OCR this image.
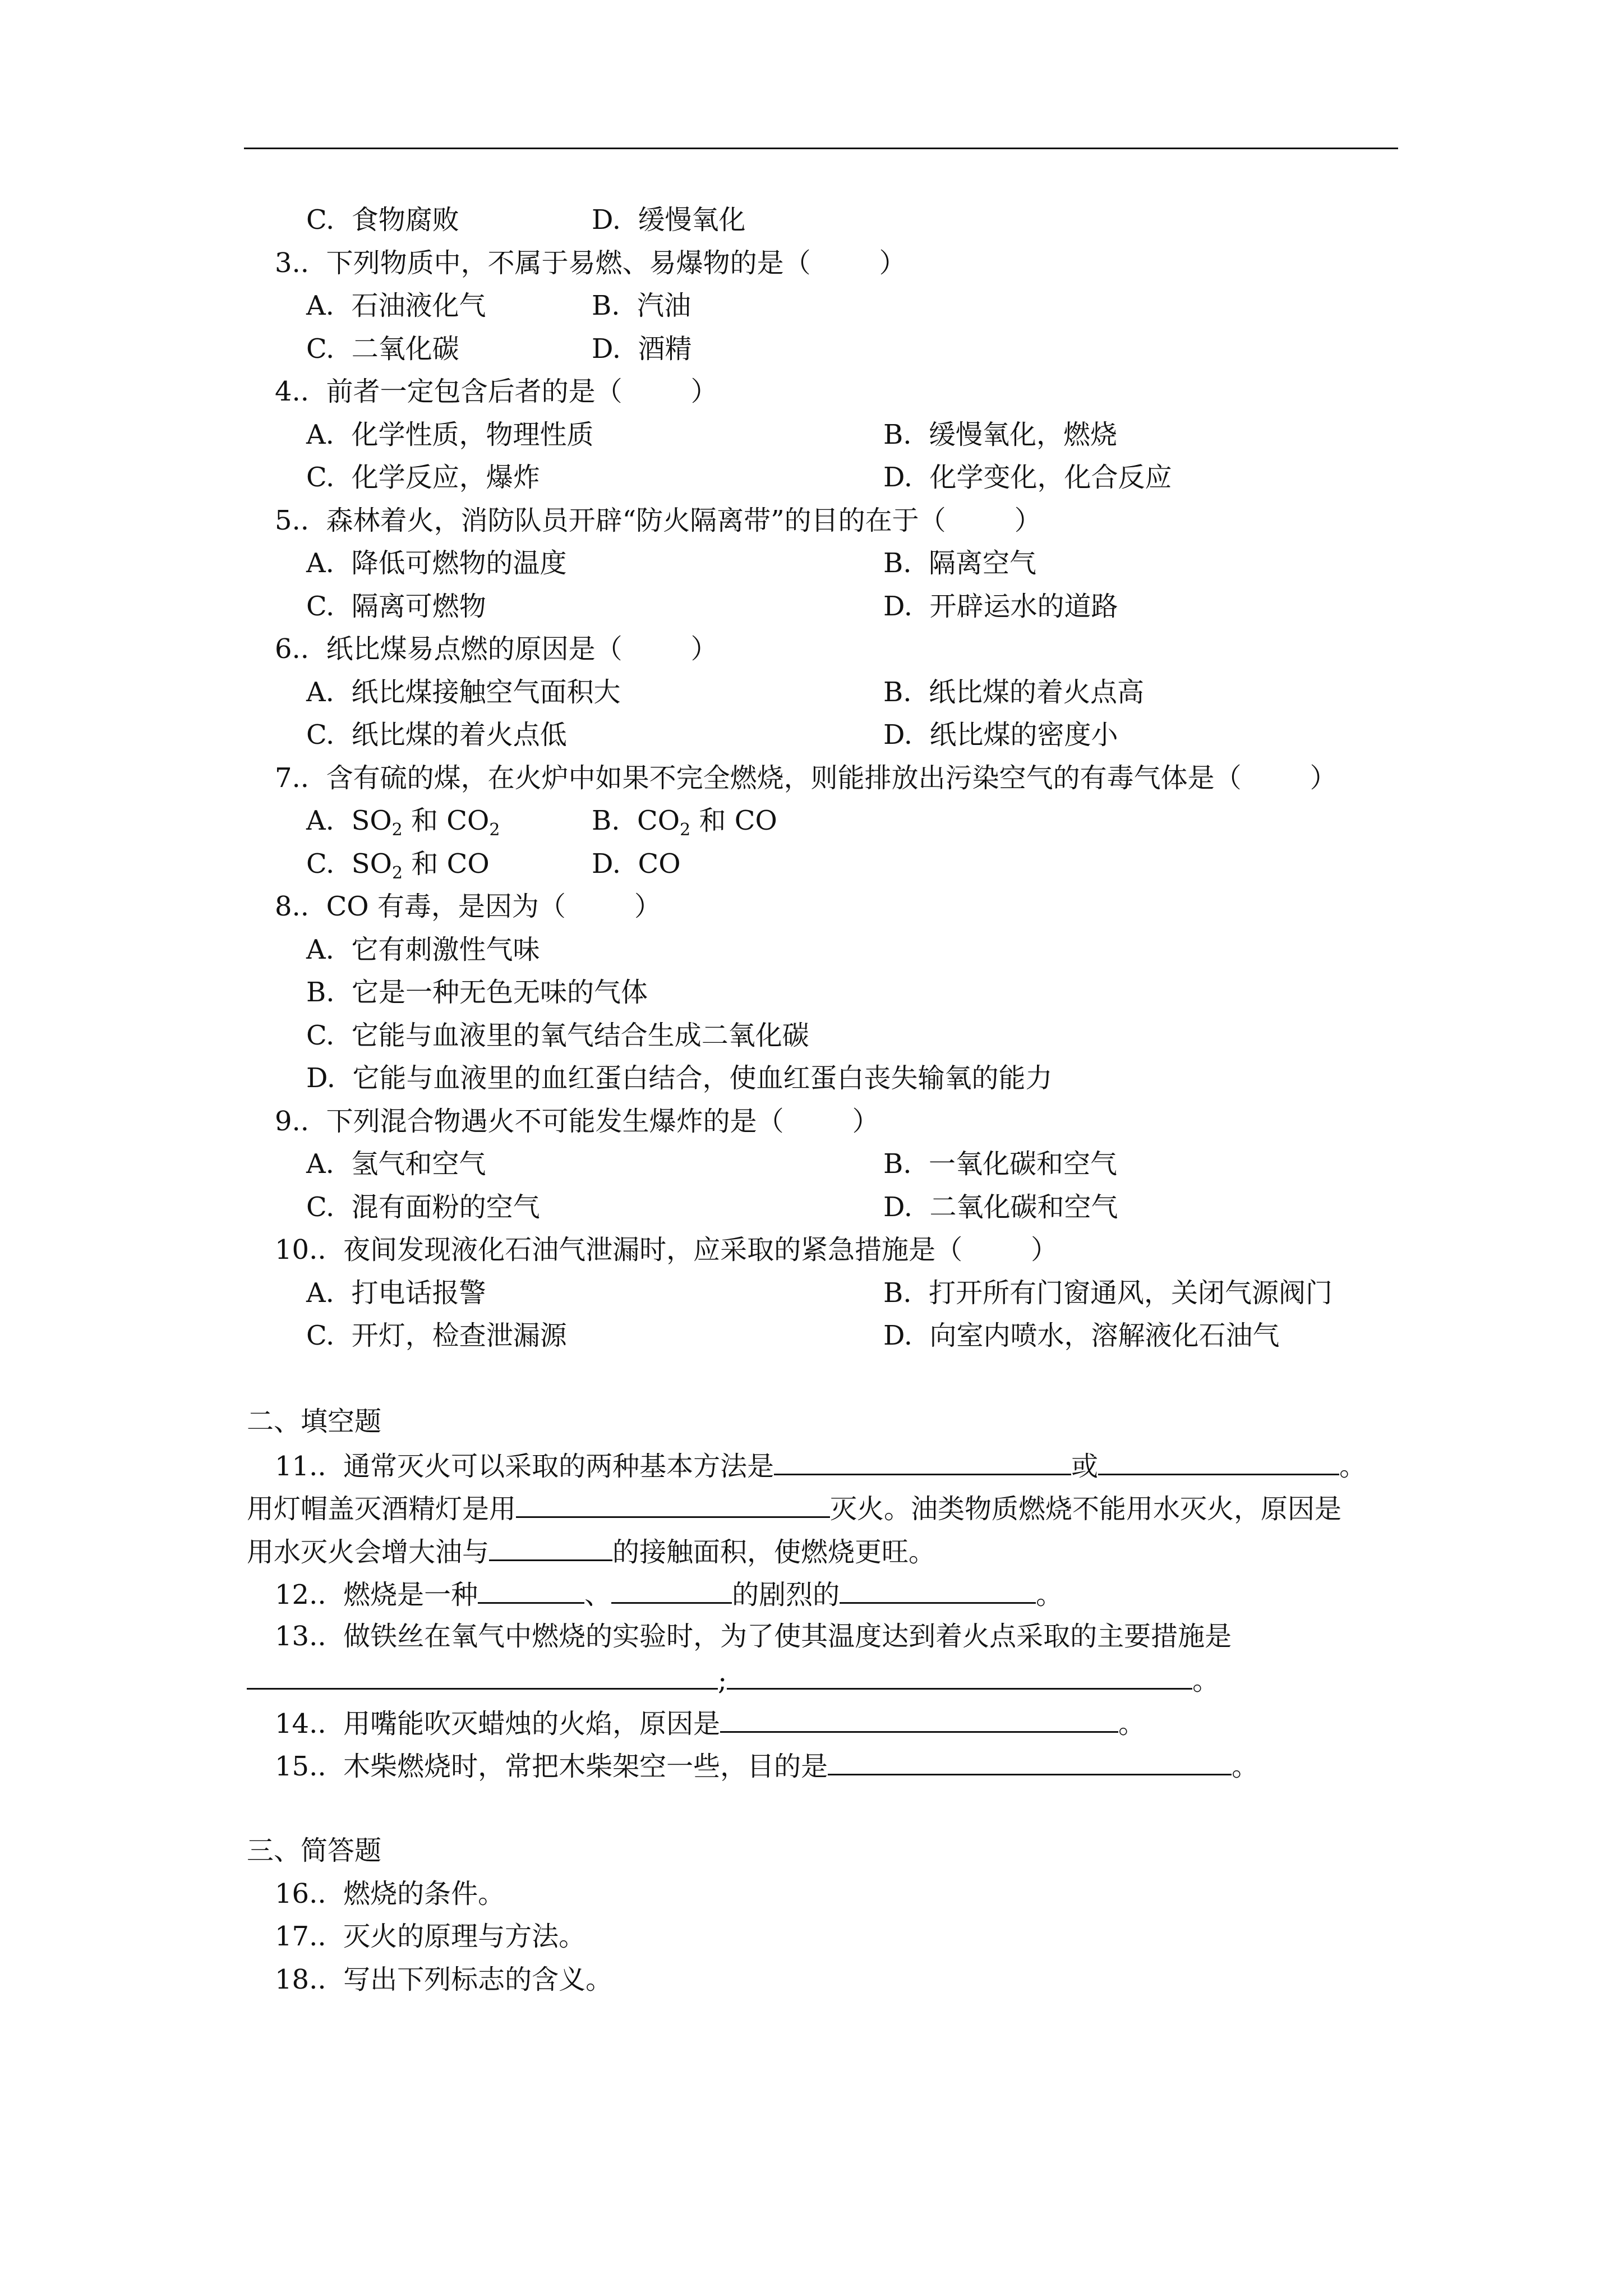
C.  食物腐败	D.  缓慢氧化
3..  下列物质中，不属于易燃、易爆物的是（        ）
A.  石油液化气	B.  汽油
C.  二氧化碳	D.  酒精
4..  前者一定包含后者的是（        ）
A.  化学性质，物理性质	B.  缓慢氧化，燃烧
C.  化学反应，爆炸	D.  化学变化，化合反应
5..  森林着火，消防队员开辟“防火隔离带”的目的在于（        ）
A.  降低可燃物的温度	B.  隔离空气
C.  隔离可燃物	D.  开辟运水的道路
6..  纸比煤易点燃的原因是（        ）
A.  纸比煤接触空气面积大	B.  纸比煤的着火点高
C.  纸比煤的着火点低	D.  纸比煤的密度小
7..  含有硫的煤，在火炉中如果不完全燃烧，则能排放出污染空气的有毒气体是（        ）
A.  $SO_2$ 和 $CO_2$	B.  $CO_2$ 和 CO
C.  $SO_2$ 和 CO	D.  CO
8..  CO 有毒，是因为（        ）
A.  它有刺激性气味
B.  它是一种无色无味的气体
C.  它能与血液里的氧气结合生成二氧化碳
D.  它能与血液里的血红蛋白结合，使血红蛋白丧失输氧的能力
9..  下列混合物遇火不可能发生爆炸的是（        ）
A.  氢气和空气	B.  一氧化碳和空气
C.  混有面粉的空气	D.  二氧化碳和空气
10..  夜间发现液化石油气泄漏时，应采取的紧急措施是（        ）
A.  打电话报警	B.  打开所有门窗通风，关闭气源阀门
C.  开灯，检查泄漏源	D.  向室内喷水，溶解液化石油气
二、填空题
11..  通常灭火可以采取的两种基本方法是	或	。
用灯帽盖灭酒精灯是用	灭火。油类物质燃烧不能用水灭火，原因是
用水灭火会增大油与	的接触面积，使燃烧更旺。
12..  燃烧是一种	、	的剧烈的	。
13..  做铁丝在氧气中燃烧的实验时，为了使其温度达到着火点采取的主要措施是
;	。
14..  用嘴能吹灭蜡烛的火焰，原因是	。
15..  木柴燃烧时，常把木柴架空一些，目的是	。
三、简答题
16..  燃烧的条件。
17..  灭火的原理与方法。
18..  写出下列标志的含义。
